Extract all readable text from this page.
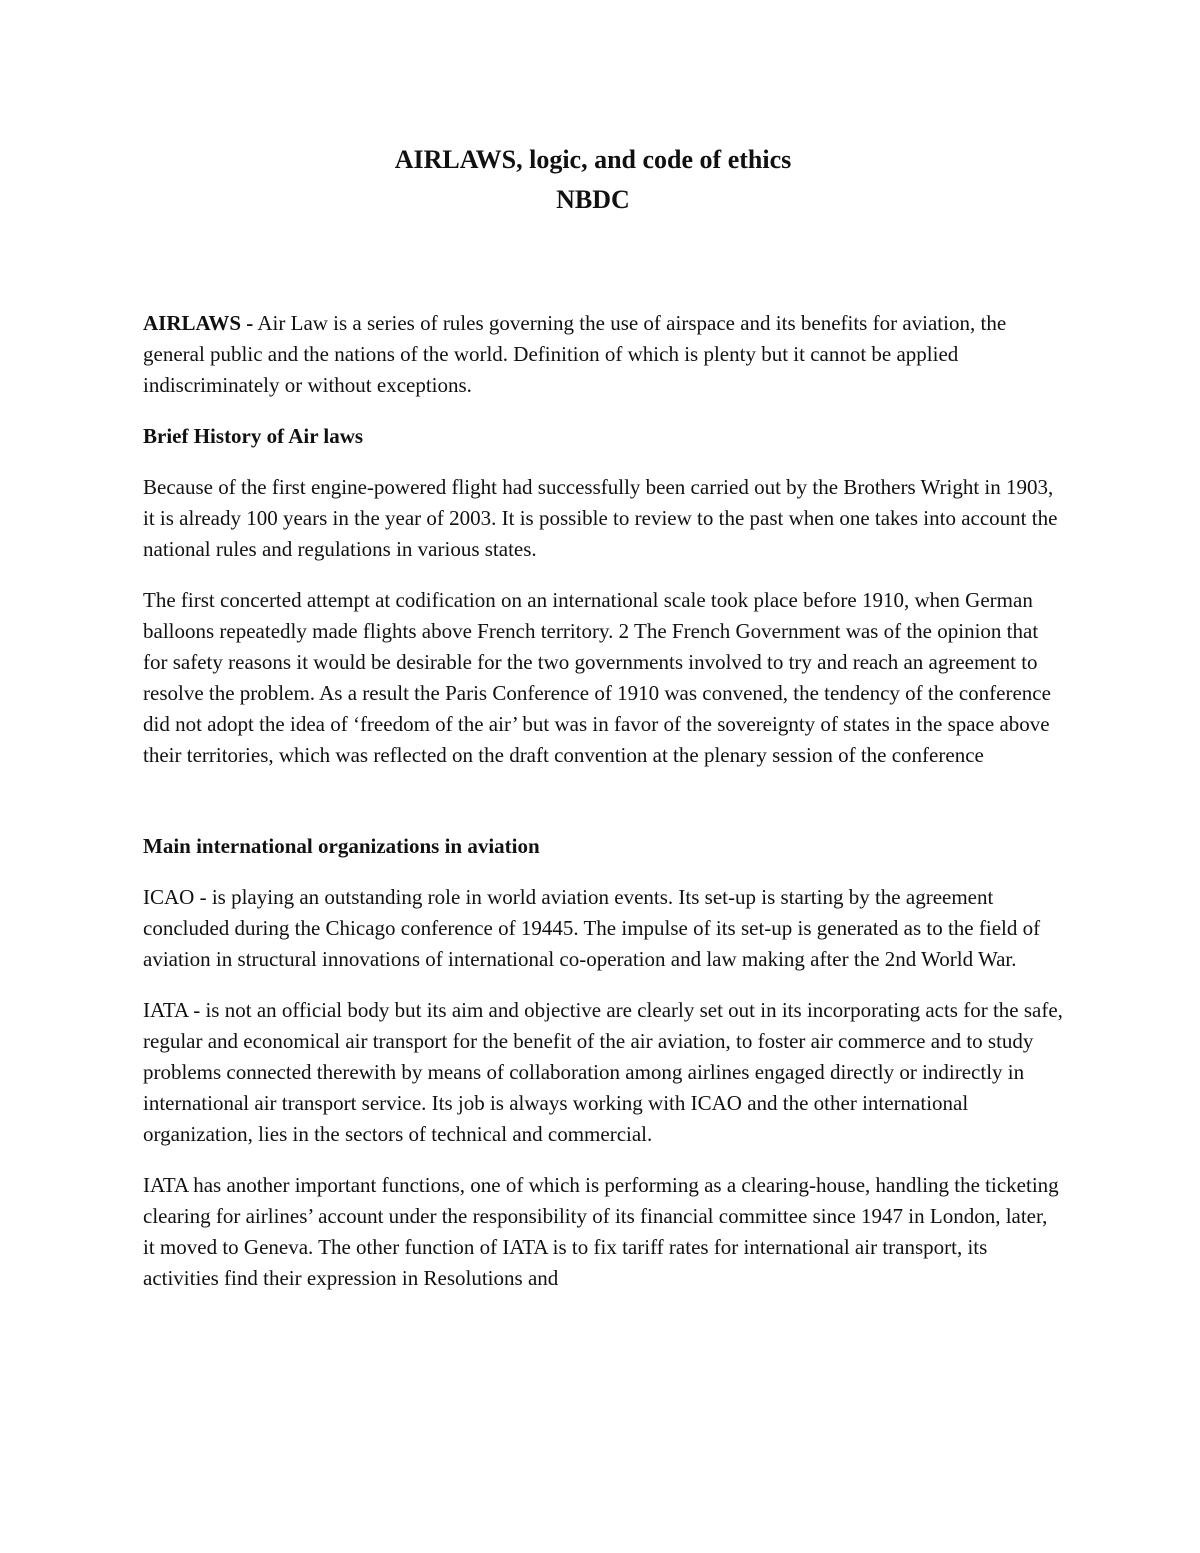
AIRLAWS, logic, and code of ethics
NBDC

AIRLAWS - Air Law is a series of rules governing the use of airspace and its benefits for aviation, the general public and the nations of the world. Definition of which is plenty but it cannot be applied indiscriminately or without exceptions.

Brief History of Air laws

Because of the first engine-powered flight had successfully been carried out by the Brothers Wright in 1903, it is already 100 years in the year of 2003. It is possible to review to the past when one takes into account the national rules and regulations in various states.

The first concerted attempt at codification on an international scale took place before 1910, when German balloons repeatedly made flights above French territory. 2 The French Government was of the opinion that for safety reasons it would be desirable for the two governments involved to try and reach an agreement to resolve the problem. As a result the Paris Conference of 1910 was convened, the tendency of the conference did not adopt the idea of ‘freedom of the air’ but was in favor of the sovereignty of states in the space above their territories, which was reflected on the draft convention at the plenary session of the conference

Main international organizations in aviation

ICAO - is playing an outstanding role in world aviation events. Its set-up is starting by the agreement concluded during the Chicago conference of 19445. The impulse of its set-up is generated as to the field of aviation in structural innovations of international co-operation and law making after the 2nd World War.

IATA - is not an official body but its aim and objective are clearly set out in its incorporating acts for the safe, regular and economical air transport for the benefit of the air aviation, to foster air commerce and to study problems connected therewith by means of collaboration among airlines engaged directly or indirectly in international air transport service. Its job is always working with ICAO and the other international organization, lies in the sectors of technical and commercial.

IATA has another important functions, one of which is performing as a clearing-house, handling the ticketing clearing for airlines’ account under the responsibility of its financial committee since 1947 in London, later, it moved to Geneva. The other function of IATA is to fix tariff rates for international air transport, its activities find their expression in Resolutions and
